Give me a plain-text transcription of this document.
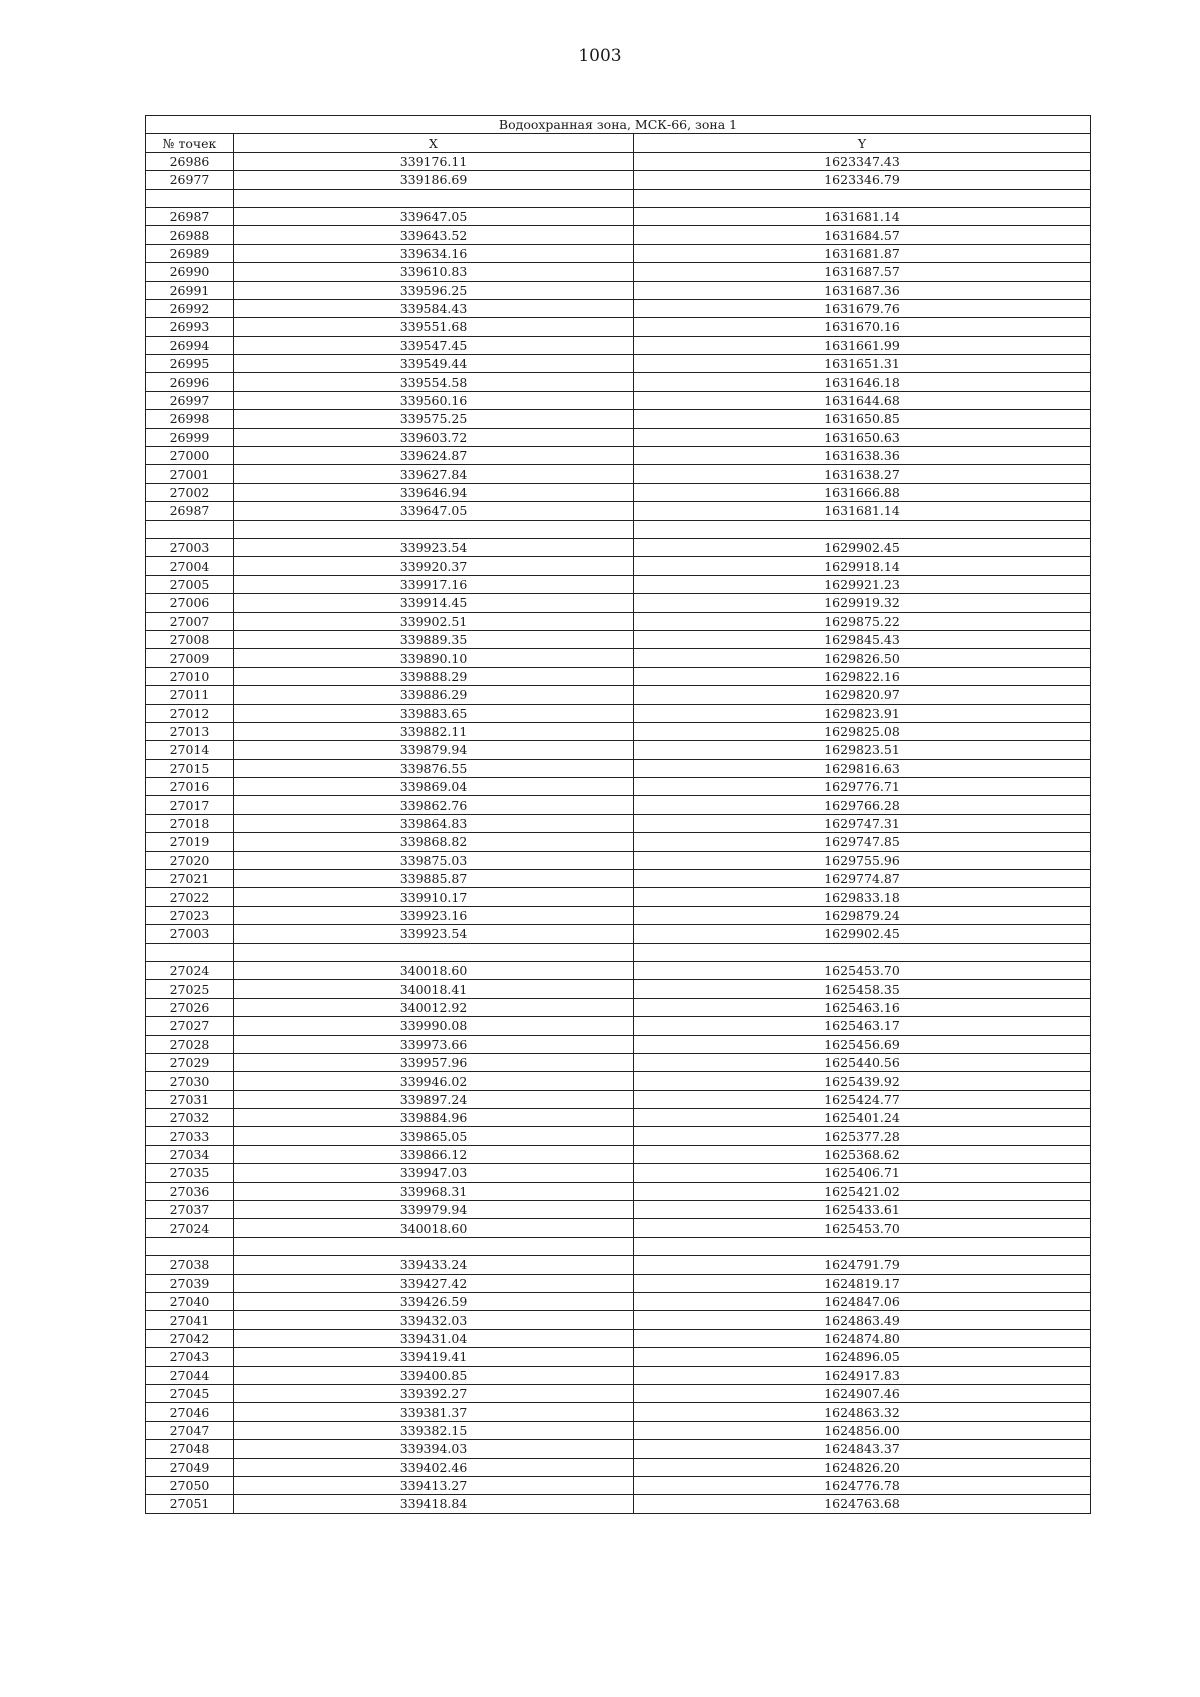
1003
Водоохранная зона, МСК-66, зона 1		
№ точек	X	Y
26986	339176.11	1623347.43
26977	339186.69	1623346.79

26987	339647.05	1631681.14
26988	339643.52	1631684.57
26989	339634.16	1631681.87
26990	339610.83	1631687.57
26991	339596.25	1631687.36
26992	339584.43	1631679.76
26993	339551.68	1631670.16
26994	339547.45	1631661.99
26995	339549.44	1631651.31
26996	339554.58	1631646.18
26997	339560.16	1631644.68
26998	339575.25	1631650.85
26999	339603.72	1631650.63
27000	339624.87	1631638.36
27001	339627.84	1631638.27
27002	339646.94	1631666.88
26987	339647.05	1631681.14

27003	339923.54	1629902.45
27004	339920.37	1629918.14
27005	339917.16	1629921.23
27006	339914.45	1629919.32
27007	339902.51	1629875.22
27008	339889.35	1629845.43
27009	339890.10	1629826.50
27010	339888.29	1629822.16
27011	339886.29	1629820.97
27012	339883.65	1629823.91
27013	339882.11	1629825.08
27014	339879.94	1629823.51
27015	339876.55	1629816.63
27016	339869.04	1629776.71
27017	339862.76	1629766.28
27018	339864.83	1629747.31
27019	339868.82	1629747.85
27020	339875.03	1629755.96
27021	339885.87	1629774.87
27022	339910.17	1629833.18
27023	339923.16	1629879.24
27003	339923.54	1629902.45

27024	340018.60	1625453.70
27025	340018.41	1625458.35
27026	340012.92	1625463.16
27027	339990.08	1625463.17
27028	339973.66	1625456.69
27029	339957.96	1625440.56
27030	339946.02	1625439.92
27031	339897.24	1625424.77
27032	339884.96	1625401.24
27033	339865.05	1625377.28
27034	339866.12	1625368.62
27035	339947.03	1625406.71
27036	339968.31	1625421.02
27037	339979.94	1625433.61
27024	340018.60	1625453.70

27038	339433.24	1624791.79
27039	339427.42	1624819.17
27040	339426.59	1624847.06
27041	339432.03	1624863.49
27042	339431.04	1624874.80
27043	339419.41	1624896.05
27044	339400.85	1624917.83
27045	339392.27	1624907.46
27046	339381.37	1624863.32
27047	339382.15	1624856.00
27048	339394.03	1624843.37
27049	339402.46	1624826.20
27050	339413.27	1624776.78
27051	339418.84	1624763.68
